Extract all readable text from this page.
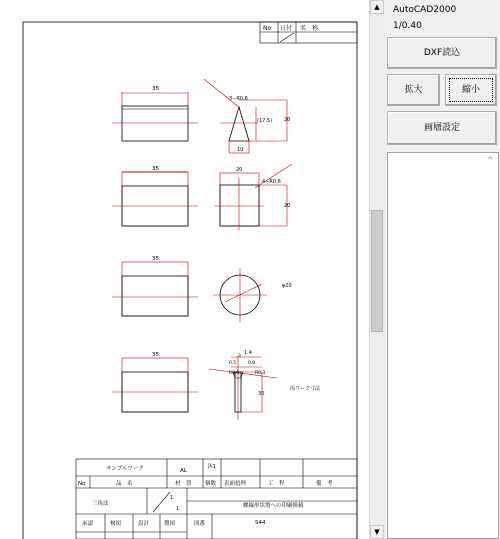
No 日付 名　称
35
3−R0.6
(17.5) 20
10
35	20
4−R0.6
20
35
φ20
35	1.4
0.5
3
0.8
R0.5	R0.3
30
両ワーク寸法
サンプルワーク	AL
各1
No	品　名	材　質 個数 表面処理	工　程	備　考
三角法
1
1	螺線形状盤への印刷換載
承認	検図	設計	製図	図番	S44
▲
▼
AutoCAD2000
1/0.40
DXF読込
拡大	縮小
画層設定
^
